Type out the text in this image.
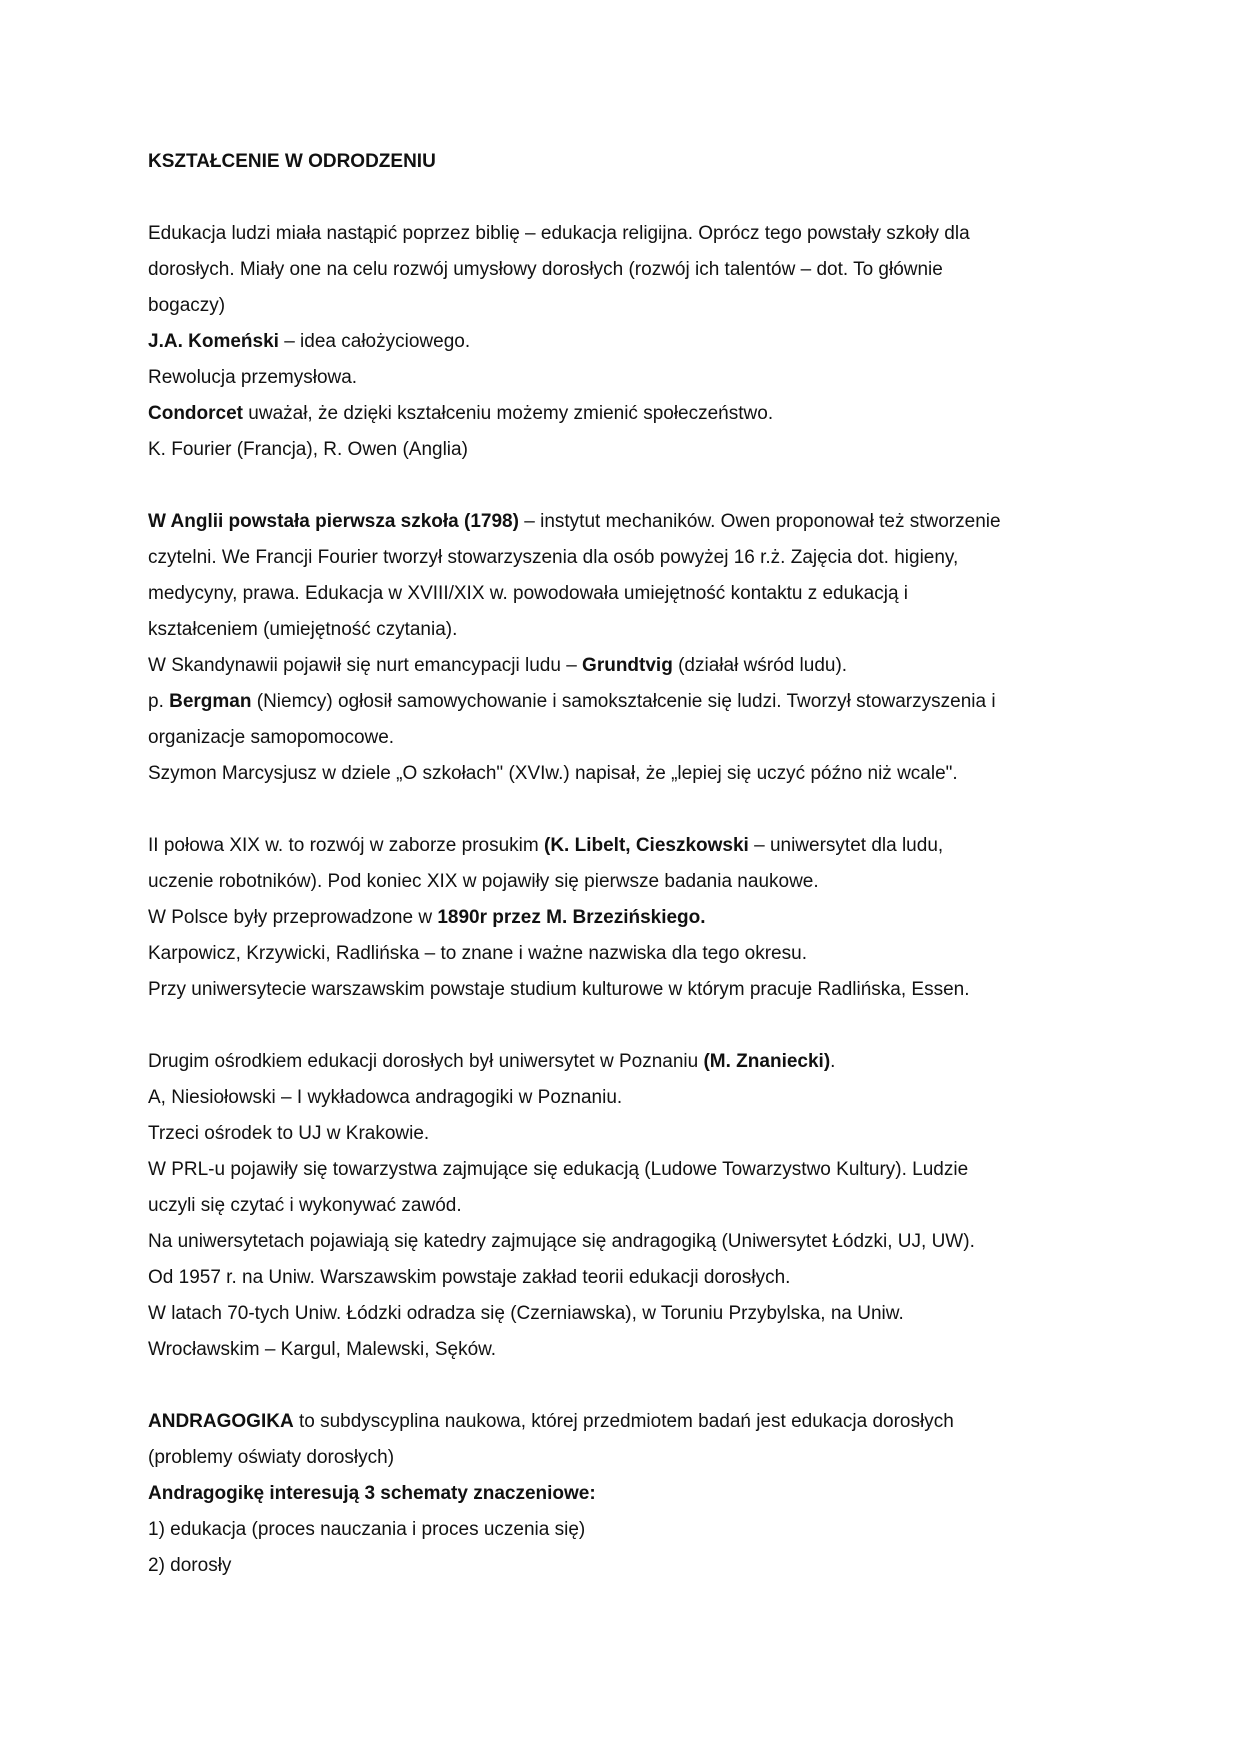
KSZTAŁCENIE W ODRODZENIU

Edukacja ludzi miała nastąpić poprzez biblię – edukacja religijna. Oprócz tego powstały szkoły dla

dorosłych. Miały one na celu rozwój umysłowy dorosłych (rozwój ich talentów – dot. To głównie

bogaczy)

J.A. Komeński – idea całożyciowego.

Rewolucja przemysłowa.

Condorcet uważał, że dzięki kształceniu możemy zmienić społeczeństwo.

K. Fourier (Francja), R. Owen (Anglia)

W Anglii powstała pierwsza szkoła (1798) – instytut mechaników. Owen proponował też stworzenie

czytelni. We Francji Fourier tworzył stowarzyszenia dla osób powyżej 16 r.ż. Zajęcia dot. higieny,

medycyny, prawa. Edukacja w XVIII/XIX w. powodowała umiejętność kontaktu z edukacją i

kształceniem (umiejętność czytania).

W Skandynawii pojawił się nurt emancypacji ludu – Grundtvig (działał wśród ludu).

p. Bergman (Niemcy) ogłosił samowychowanie i samokształcenie się ludzi. Tworzył stowarzyszenia i

organizacje samopomocowe.

Szymon Marcysjusz w dziele „O szkołach" (XVIw.) napisał, że „lepiej się uczyć późno niż wcale".

II połowa XIX w. to rozwój w zaborze prosukim (K. Libelt, Cieszkowski – uniwersytet dla ludu,

uczenie robotników). Pod koniec XIX w pojawiły się pierwsze badania naukowe.

W Polsce były przeprowadzone w 1890r przez M. Brzezińskiego.

Karpowicz, Krzywicki, Radlińska – to znane i ważne nazwiska dla tego okresu.

Przy uniwersytecie warszawskim powstaje studium kulturowe w którym pracuje Radlińska, Essen.

Drugim ośrodkiem edukacji dorosłych był uniwersytet w Poznaniu (M. Znaniecki).

A, Niesiołowski – I wykładowca andragogiki w Poznaniu.

Trzeci ośrodek to UJ w Krakowie.

W PRL-u pojawiły się towarzystwa zajmujące się edukacją (Ludowe Towarzystwo Kultury). Ludzie

uczyli się czytać i wykonywać zawód.

Na uniwersytetach pojawiają się katedry zajmujące się andragogiką (Uniwersytet Łódzki, UJ, UW).

Od 1957 r. na Uniw. Warszawskim powstaje zakład teorii edukacji dorosłych.

W latach 70-tych Uniw. Łódzki odradza się (Czerniawska), w Toruniu Przybylska, na Uniw.

Wrocławskim – Kargul, Malewski, Sęków.

ANDRAGOGIKA to subdyscyplina naukowa, której przedmiotem badań jest edukacja dorosłych

(problemy oświaty dorosłych)

Andragogikę interesują 3 schematy znaczeniowe:

1) edukacja (proces nauczania i proces uczenia się)

2) dorosły
